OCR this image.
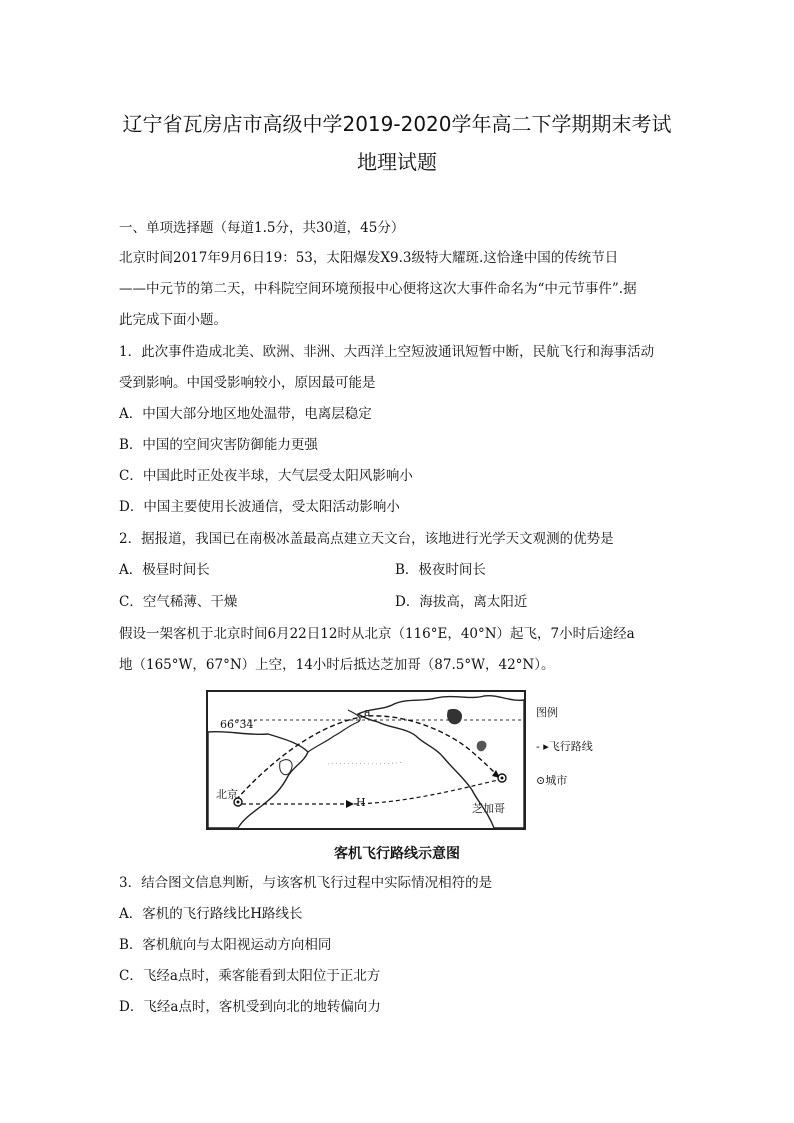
辽宁省瓦房店市高级中学2019-2020学年高二下学期期末考试
地理试题
一、单项选择题（每道1.5分，共30道，45分）
北京时间2017年9月6日19：53，太阳爆发X9.3级特大耀斑.这恰逢中国的传统节日
——中元节的第二天，中科院空间环境预报中心便将这次大事件命名为“中元节事件”.据
此完成下面小题。
1．此次事件造成北美、欧洲、非洲、大西洋上空短波通讯短暂中断，民航飞行和海事活动
受到影响。中国受影响较小，原因最可能是
A．中国大部分地区地处温带，电离层稳定
B．中国的空间灾害防御能力更强
C．中国此时正处夜半球，大气层受太阳风影响小
D．中国主要使用长波通信，受太阳活动影响小
2．据报道，我国已在南极冰盖最高点建立天文台，该地进行光学天文观测的优势是
A．极昼时间长	B．极夜时间长
C．空气稀薄、干燥	D．海拔高，离太阳近
假设一架客机于北京时间6月22日12时从北京（116°E，40°N）起飞，7小时后途经a
地（165°W，67°N）上空，14小时后抵达芝加哥（87.5°W，42°N）。
66°34′
a
北京
芝加哥
H
图例
- ▸飞行路线
⊙城市
客机飞行路线示意图
3．结合图文信息判断，与该客机飞行过程中实际情况相符的是
A．客机的飞行路线比H路线长
B．客机航向与太阳视运动方向相同
C．飞经a点时，乘客能看到太阳位于正北方
D．飞经a点时，客机受到向北的地转偏向力
